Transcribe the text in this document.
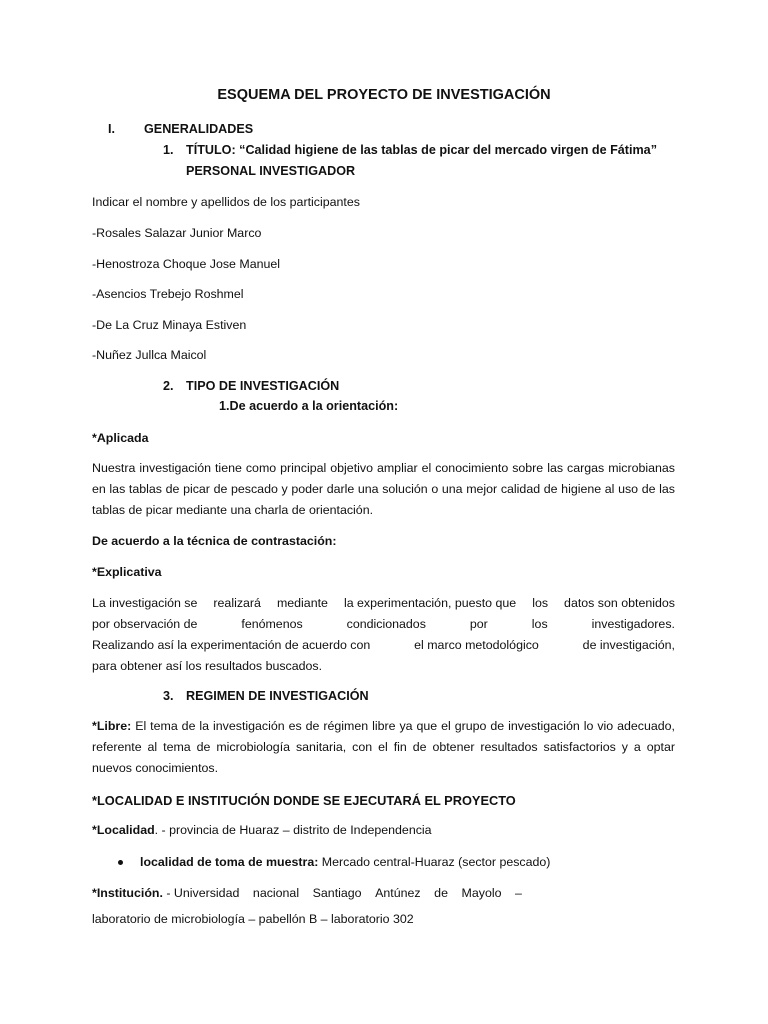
ESQUEMA DEL PROYECTO DE INVESTIGACIÓN
I. GENERALIDADES
1. TÍTULO: “Calidad higiene de las tablas de picar del mercado virgen de Fátima”
PERSONAL INVESTIGADOR
Indicar el nombre y apellidos de los participantes
-Rosales Salazar Junior Marco
-Henostroza Choque Jose Manuel
-Asencios Trebejo Roshmel
-De La Cruz Minaya Estiven
-Nuñez Jullca Maicol
2. TIPO DE INVESTIGACIÓN
1.De acuerdo a la orientación:
*Aplicada
Nuestra investigación tiene como principal objetivo ampliar el conocimiento sobre las cargas microbianas en las tablas de picar de pescado y poder darle una solución o una mejor calidad de higiene al uso de las tablas de picar mediante una charla de orientación.
De acuerdo a la técnica de contrastación:
*Explicativa
La investigación se realizará mediante la experimentación, puesto que los datos son obtenidos
por observación de	fenómenos	condicionados	por	los	investigadores.
Realizando así la experimentación de acuerdo con	el marco metodológico	de investigación,
para obtener así los resultados buscados.
3. REGIMEN DE INVESTIGACIÓN
*Libre: El tema de la investigación es de régimen libre ya que el grupo de investigación lo vio adecuado, referente al tema de microbiología sanitaria, con el fin de obtener resultados satisfactorios y a optar nuevos conocimientos.
*LOCALIDAD E INSTITUCIÓN DONDE SE EJECUTARÁ EL PROYECTO
*Localidad. - provincia de Huaraz – distrito de Independencia
localidad de toma de muestra: Mercado central-Huaraz (sector pescado)
*Institución. - Universidad nacional Santiago Antúnez de Mayolo –
laboratorio de microbiología – pabellón B – laboratorio 302
